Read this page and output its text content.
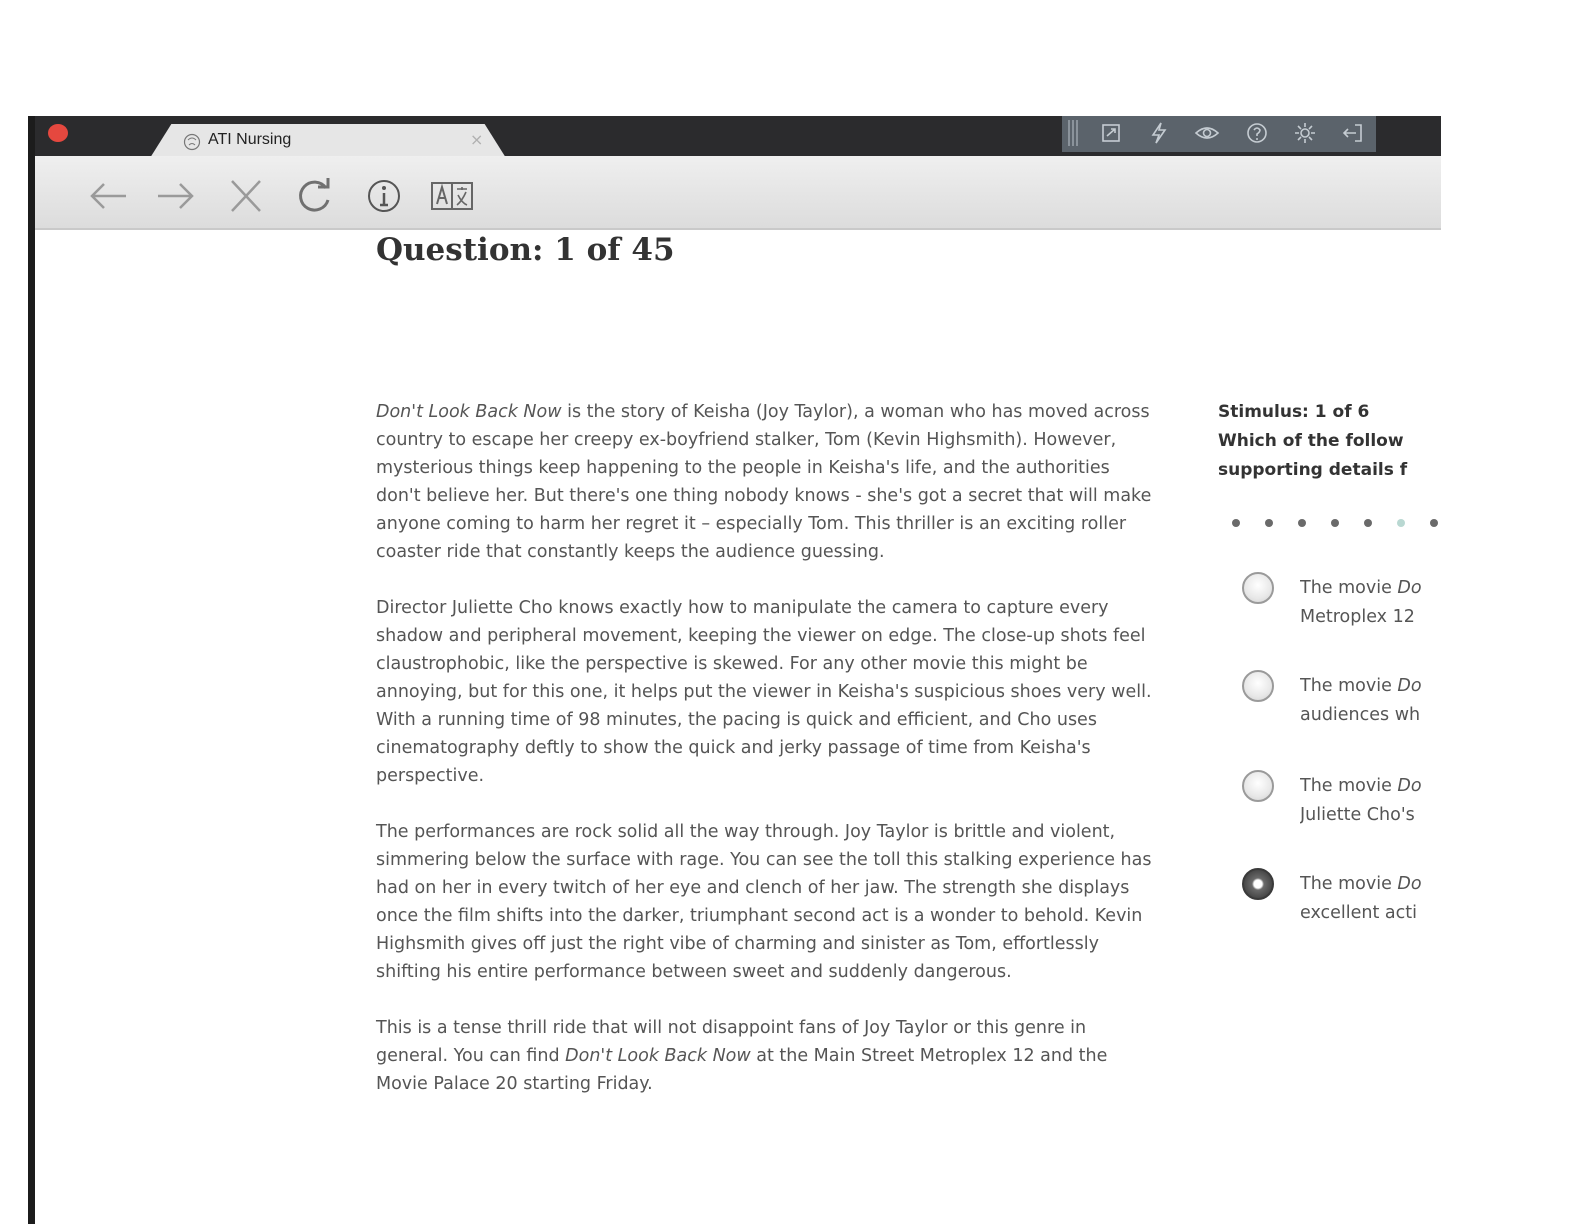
ATI Nursing	×
Question: 1 of 45

Don't Look Back Now is the story of Keisha (Joy Taylor), a woman who has moved across country to escape her creepy ex-boyfriend stalker, Tom (Kevin Highsmith). However, mysterious things keep happening to the people in Keisha's life, and the authorities don't believe her. But there's one thing nobody knows - she's got a secret that will make anyone coming to harm her regret it – especially Tom. This thriller is an exciting roller coaster ride that constantly keeps the audience guessing.

Director Juliette Cho knows exactly how to manipulate the camera to capture every shadow and peripheral movement, keeping the viewer on edge. The close-up shots feel claustrophobic, like the perspective is skewed. For any other movie this might be annoying, but for this one, it helps put the viewer in Keisha's suspicious shoes very well. With a running time of 98 minutes, the pacing is quick and efficient, and Cho uses cinematography deftly to show the quick and jerky passage of time from Keisha's perspective.

The performances are rock solid all the way through. Joy Taylor is brittle and violent, simmering below the surface with rage. You can see the toll this stalking experience has had on her in every twitch of her eye and clench of her jaw. The strength she displays once the film shifts into the darker, triumphant second act is a wonder to behold. Kevin Highsmith gives off just the right vibe of charming and sinister as Tom, effortlessly shifting his entire performance between sweet and suddenly dangerous.

This is a tense thrill ride that will not disappoint fans of Joy Taylor or this genre in general. You can find Don't Look Back Now at the Main Street Metroplex 12 and the Movie Palace 20 starting Friday.

Stimulus: 1 of 6
Which of the follow
supporting details f
The movie Do
Metroplex 12
The movie Do
audiences wh
The movie Do
Juliette Cho's
The movie Do
excellent acti
